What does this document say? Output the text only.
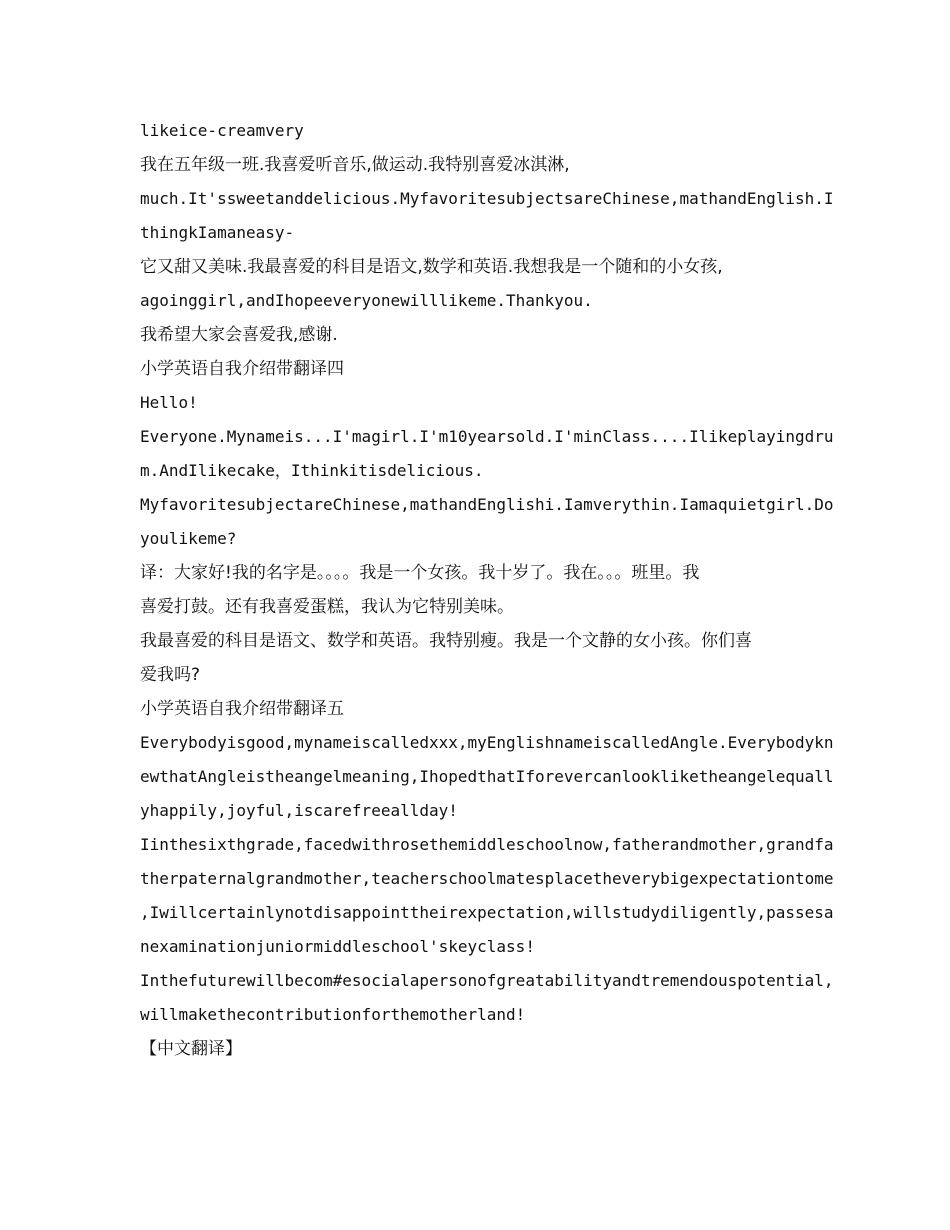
likeice-creamvery

我在五年级一班.我喜爱听音乐,做运动.我特别喜爱冰淇淋,

much.It'ssweetanddelicious.MyfavoritesubjectsareChinese,mathandEnglish.I

thingkIamaneasy-

它又甜又美味.我最喜爱的科目是语文,数学和英语.我想我是一个随和的小女孩,

agoinggirl,andIhopeeveryonewilllikeme.Thankyou.

我希望大家会喜爱我,感谢.

小学英语自我介绍带翻译四

Hello!

Everyone.Mynameis...I'magirl.I'm10yearsold.I'minClass....Ilikeplayingdru

m.AndIlikecake，Ithinkitisdelicious.

MyfavoritesubjectareChinese,mathandEnglishi.Iamverythin.Iamaquietgirl.Do

youlikeme?

译：大家好!我的名字是。。。。我是一个女孩。我十岁了。我在。。。班里。我

喜爱打鼓。还有我喜爱蛋糕，我认为它特别美味。

我最喜爱的科目是语文、数学和英语。我特别瘦。我是一个文静的女小孩。你们喜

爱我吗?

小学英语自我介绍带翻译五

Everybodyisgood,mynameiscalledxxx,myEnglishnameiscalledAngle.Everybodykn

ewthatAngleistheangelmeaning,IhopedthatIforevercanlookliketheangelequall

yhappily,joyful,iscarefreeallday!

Iinthesixthgrade,facedwithrosethemiddleschoolnow,fatherandmother,grandfa

therpaternalgrandmother,teacherschoolmatesplacetheverybigexpectationtome

,Iwillcertainlynotdisappointtheirexpectation,willstudydiligently,passesa

nexaminationjuniormiddleschool'skeyclass!

Inthefuturewillbecom#esocialapersonofgreatabilityandtremendouspotential,

willmakethecontributionforthemotherland!

【中文翻译】
